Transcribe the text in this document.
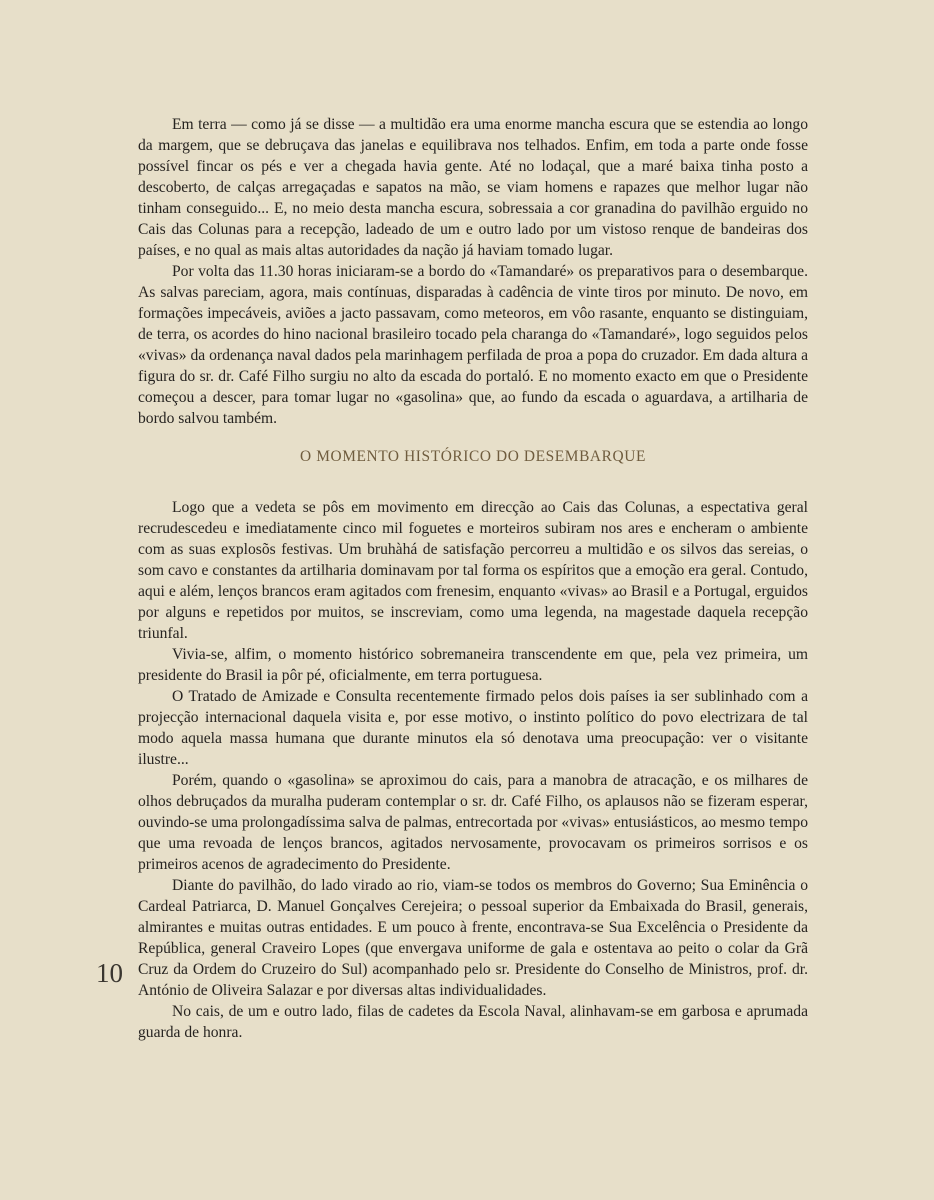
Em terra — como já se disse — a multidão era uma enorme mancha escura que se estendia ao longo da margem, que se debruçava das janelas e equilibrava nos telhados. Enfim, em toda a parte onde fosse possível fincar os pés e ver a chegada havia gente. Até no lodaçal, que a maré baixa tinha posto a descoberto, de calças arregaçadas e sapatos na mão, se viam homens e rapazes que melhor lugar não tinham conseguido... E, no meio desta mancha escura, sobressaia a cor granadina do pavilhão erguido no Cais das Colunas para a recepção, ladeado de um e outro lado por um vistoso renque de bandeiras dos países, e no qual as mais altas autoridades da nação já haviam tomado lugar.

Por volta das 11.30 horas iniciaram-se a bordo do «Tamandaré» os preparativos para o desembarque. As salvas pareciam, agora, mais contínuas, disparadas à cadência de vinte tiros por minuto. De novo, em formações impecáveis, aviões a jacto passavam, como meteoros, em vôo rasante, enquanto se distinguiam, de terra, os acordes do hino nacional brasileiro tocado pela charanga do «Tamandaré», logo seguidos pelos «vivas» da ordenança naval dados pela marinhagem perfilada de proa a popa do cruzador. Em dada altura a figura do sr. dr. Café Filho surgiu no alto da escada do portaló. E no momento exacto em que o Presidente começou a descer, para tomar lugar no «gasolina» que, ao fundo da escada o aguardava, a artilharia de bordo salvou também.

O MOMENTO HISTÓRICO DO DESEMBARQUE

Logo que a vedeta se pôs em movimento em direcção ao Cais das Colunas, a espectativa geral recrudescedeu e imediatamente cinco mil foguetes e morteiros subiram nos ares e encheram o ambiente com as suas explosõs festivas. Um bruhàhá de satisfação percorreu a multidão e os silvos das sereias, o som cavo e constantes da artilharia dominavam por tal forma os espíritos que a emoção era geral. Contudo, aqui e além, lenços brancos eram agitados com frenesim, enquanto «vivas» ao Brasil e a Portugal, erguidos por alguns e repetidos por muitos, se inscreviam, como uma legenda, na magestade daquela recepção triunfal.

Vivia-se, alfim, o momento histórico sobremaneira transcendente em que, pela vez primeira, um presidente do Brasil ia pôr pé, oficialmente, em terra portuguesa.

O Tratado de Amizade e Consulta recentemente firmado pelos dois países ia ser sublinhado com a projecção internacional daquela visita e, por esse motivo, o instinto político do povo electrizara de tal modo aquela massa humana que durante minutos ela só denotava uma preocupação: ver o visitante ilustre...

Porém, quando o «gasolina» se aproximou do cais, para a manobra de atracação, e os milhares de olhos debruçados da muralha puderam contemplar o sr. dr. Café Filho, os aplausos não se fizeram esperar, ouvindo-se uma prolongadíssima salva de palmas, entrecortada por «vivas» entusiásticos, ao mesmo tempo que uma revoada de lenços brancos, agitados nervosamente, provocavam os primeiros sorrisos e os primeiros acenos de agradecimento do Presidente.

Diante do pavilhão, do lado virado ao rio, viam-se todos os membros do Governo; Sua Eminência o Cardeal Patriarca, D. Manuel Gonçalves Cerejeira; o pessoal superior da Embaixada do Brasil, generais, almirantes e muitas outras entidades. E um pouco à frente, encontrava-se Sua Excelência o Presidente da República, general Craveiro Lopes (que envergava uniforme de gala e ostentava ao peito o colar da Grã Cruz da Ordem do Cruzeiro do Sul) acompanhado pelo sr. Presidente do Conselho de Ministros, prof. dr. António de Oliveira Salazar e por diversas altas individualidades.

No cais, de um e outro lado, filas de cadetes da Escola Naval, alinhavam-se em garbosa e aprumada guarda de honra.

10
